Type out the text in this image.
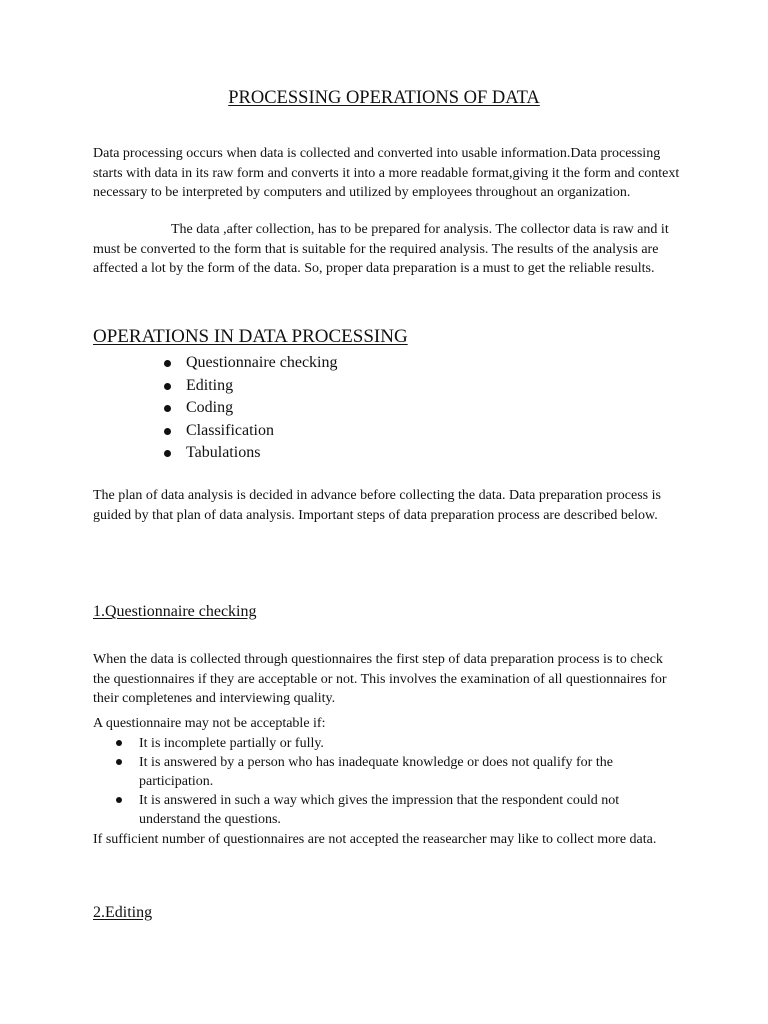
PROCESSING OPERATIONS OF DATA

Data processing occurs when data is collected and converted into usable information.Data processing starts with data in its raw form and converts it into a more readable format,giving it the form and context necessary to be interpreted by computers and utilized by employees throughout an organization.

The data ,after collection, has to be prepared for analysis. The collector data is raw and it must be converted to the form that is suitable for the required analysis. The results of the analysis are affected a lot by the form of the data. So, proper data preparation is a must to get the reliable results.

OPERATIONS IN DATA PROCESSING
Questionnaire checking
Editing
Coding
Classification
Tabulations

The plan of data analysis is decided in advance before collecting the data. Data preparation process is guided by that plan of data analysis. Important steps of data preparation process are described below.

1.Questionnaire checking

When the data is collected through questionnaires the first step of data preparation process is to check the questionnaires if they are acceptable or not. This involves the examination of all questionnaires for their completenes and interviewing quality.

A questionnaire may not be acceptable if:

It is incomplete partially or fully.
It is answered by a person who has inadequate knowledge or does not qualify for the participation.
It is answered in such a way which gives the impression that the respondent could not understand the questions.

If sufficient number of questionnaires are not accepted the reasearcher may like to collect more data.

2.Editing
